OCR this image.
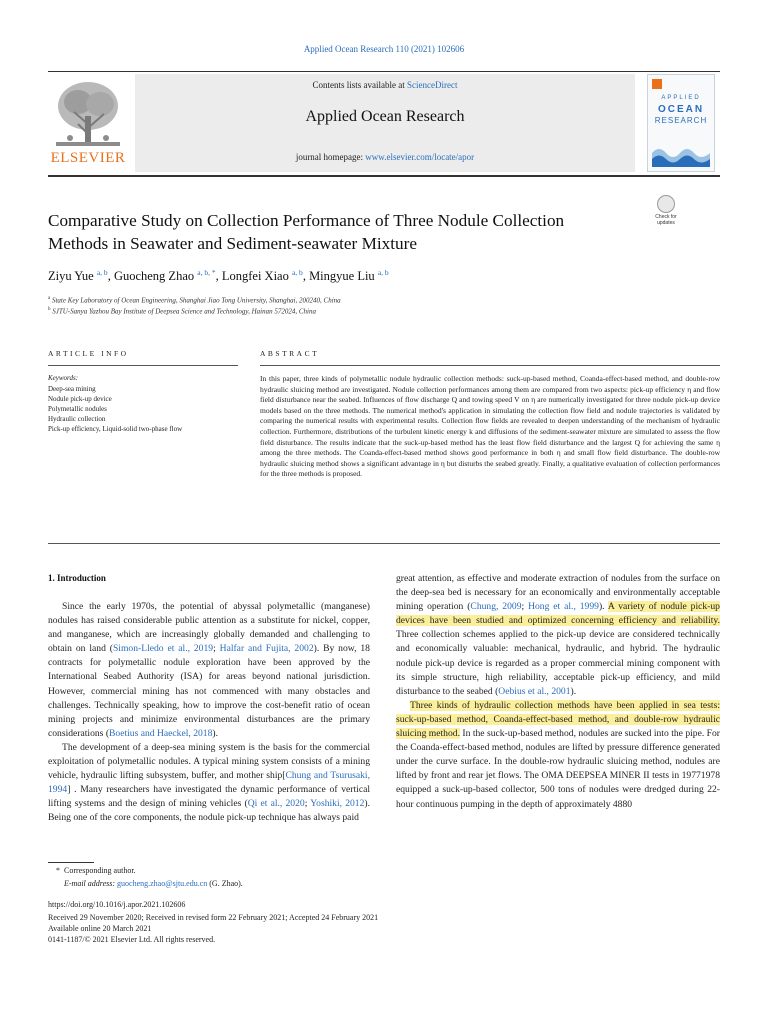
Applied Ocean Research 110 (2021) 102606
ELSEVIER
Contents lists available at ScienceDirect
Applied Ocean Research
journal homepage: www.elsevier.com/locate/apor
APPLIED
OCEAN
RESEARCH
Comparative Study on Collection Performance of Three Nodule Collection Methods in Seawater and Sediment-seawater Mixture
Check for
updates
Ziyu Yue $^{a, b}$, Guocheng Zhao $^{a, b, *}$, Longfei Xiao $^{a, b}$, Mingyue Liu $^{a, b}$
$^a$ State Key Laboratory of Ocean Engineering, Shanghai Jiao Tong University, Shanghai, 200240, China
$^b$ SJTU-Sanya Yazhou Bay Institute of Deepsea Science and Technology, Hainan 572024, China
ARTICLE INFO	ABSTRACT
Keywords:
Deep-sea mining
Nodule pick-up device
Polymetallic nodules
Hydraulic collection
Pick-up efficiency, Liquid-solid two-phase flow
In this paper, three kinds of polymetallic nodule hydraulic collection methods: suck-up-based method, Coanda-effect-based method, and double-row hydraulic sluicing method are investigated. Nodule collection performances among them are compared from two aspects: pick-up efficiency η and flow field disturbance near the seabed. Influences of flow discharge Q and towing speed V on η are numerically investigated for three nodule pick-up device models based on the three methods. The numerical method's application in simulating the collection flow field and nodule trajectories is validated by comparing the numerical results with experimental results. Collection flow fields are revealed to deepen understanding of the mechanism of hydraulic collection. Furthermore, distributions of the turbulent kinetic energy k and diffusions of the sediment-seawater mixture are simulated to assess the flow field disturbance. The results indicate that the suck-up-based method has the least flow field disturbance and the largest Q for achieving the same η among the three methods. The Coanda-effect-based method shows good performance in both η and small flow field disturbance. The double-row hydraulic sluicing method shows a significant advantage in η but disturbs the seabed greatly. Finally, a qualitative evaluation of collection performances for the three methods is proposed.
1. Introduction

Since the early 1970s, the potential of abyssal polymetallic (manganese) nodules has raised considerable public attention as a substitute for nickel, copper, and manganese, which are increasingly globally demanded and challenging to obtain on land (Simon-Lledo et al., 2019; Halfar and Fujita, 2002). By now, 18 contracts for polymetallic nodule exploration have been approved by the International Seabed Authority (ISA) for areas beyond national jurisdiction. However, commercial mining has not commenced with many obstacles and challenges. Technically speaking, how to improve the cost-benefit ratio of ocean mining projects and minimize environmental disturbances are the primary considerations (Boetius and Haeckel, 2018).

The development of a deep-sea mining system is the basis for the commercial exploitation of polymetallic nodules. A typical mining system consists of a mining vehicle, hydraulic lifting subsystem, buffer, and mother ship[Chung and Tsurusaki, 1994] . Many researchers have investigated the dynamic performance of vertical lifting systems and the design of mining vehicles (Qi et al., 2020; Yoshiki, 2012). Being one of the core components, the nodule pick-up technique has always paid

great attention, as effective and moderate extraction of nodules from the surface on the deep-sea bed is necessary for an economically and environmentally acceptable mining operation (Chung, 2009; Hong et al., 1999). A variety of nodule pick-up devices have been studied and optimized concerning efficiency and reliability. Three collection schemes applied to the pick-up device are considered technically and economically valuable: mechanical, hydraulic, and hybrid. The hydraulic nodule pick-up device is regarded as a proper commercial mining component with its simple structure, high reliability, acceptable pick-up efficiency, and mild disturbance to the seabed (Oebius et al., 2001).

Three kinds of hydraulic collection methods have been applied in sea tests: suck-up-based method, Coanda-effect-based method, and double-row hydraulic sluicing method. In the suck-up-based method, nodules are sucked into the pipe. For the Coanda-effect-based method, nodules are lifted by pressure difference generated under the curve surface. In the double-row hydraulic sluicing method, nodules are lifted by front and rear jet flows. The OMA DEEPSEA MINER II tests in 19771978 equipped a suck-up-based collector, 500 tons of nodules were dredged during 22-hour continuous pumping in the depth of approximately 4880

* Corresponding author.
E-mail address: guocheng.zhao@sjtu.edu.cn (G. Zhao).
https://doi.org/10.1016/j.apor.2021.102606
Received 29 November 2020; Received in revised form 22 February 2021; Accepted 24 February 2021
Available online 20 March 2021
0141-1187/© 2021 Elsevier Ltd. All rights reserved.
